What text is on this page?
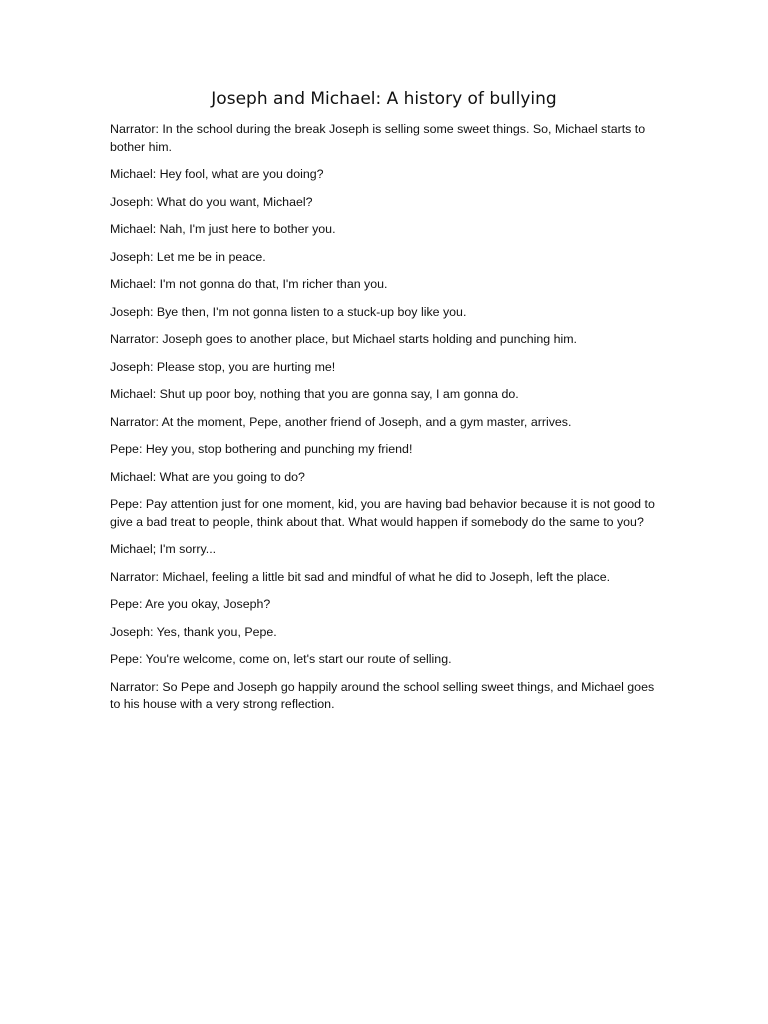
Joseph and Michael: A history of bullying

Narrator: In the school during the break Joseph is selling some sweet things. So, Michael starts to bother him.

Michael: Hey fool, what are you doing?

Joseph: What do you want, Michael?

Michael: Nah, I'm just here to bother you.

Joseph: Let me be in peace.

Michael: I'm not gonna do that, I'm richer than you.

Joseph: Bye then, I'm not gonna listen to a stuck-up boy like you.

Narrator: Joseph goes to another place, but Michael starts holding and punching him.

Joseph: Please stop, you are hurting me!

Michael: Shut up poor boy, nothing that you are gonna say, I am gonna do.

Narrator: At the moment, Pepe, another friend of Joseph, and a gym master, arrives.

Pepe: Hey you, stop bothering and punching my friend!

Michael: What are you going to do?

Pepe: Pay attention just for one moment, kid, you are having bad behavior because it is not good to give a bad treat to people, think about that. What would happen if somebody do the same to you?

Michael; I'm sorry...

Narrator: Michael, feeling a little bit sad and mindful of what he did to Joseph, left the place.

Pepe: Are you okay, Joseph?

Joseph: Yes, thank you, Pepe.

Pepe: You're welcome, come on, let's start our route of selling.

Narrator: So Pepe and Joseph go happily around the school selling sweet things, and Michael goes to his house with a very strong reflection.
